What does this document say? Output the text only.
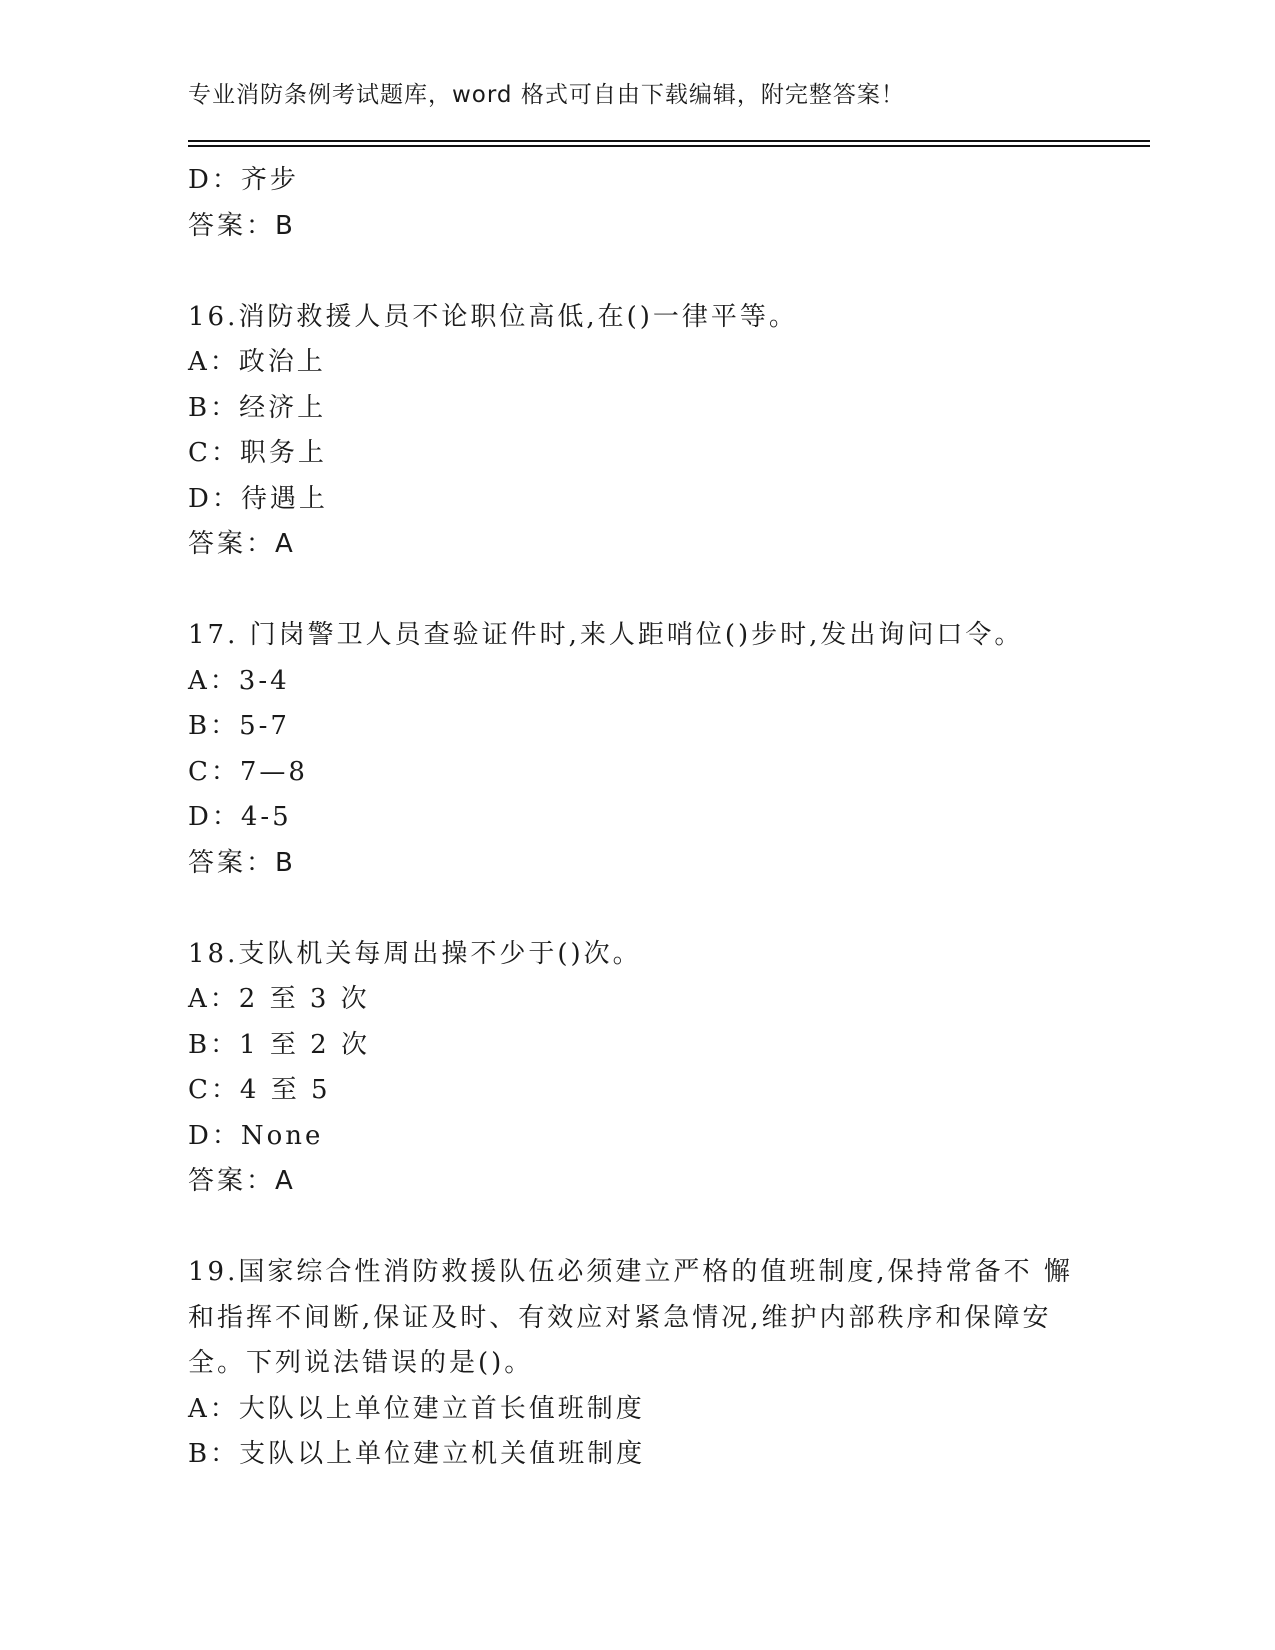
专业消防条例考试题库，word 格式可自由下载编辑，附完整答案！
D：齐步
答案：B
16.消防救援人员不论职位高低,在()一律平等。
A：政治上
B：经济上
C：职务上
D：待遇上
答案：A
17. 门岗警卫人员查验证件时,来人距哨位()步时,发出询问口令。
A：3-4
B：5-7
C：7—8
D：4-5
答案：B
18.支队机关每周出操不少于()次。
A：2 至 3 次
B：1 至 2 次
C：4 至 5
D：None
答案：A
19.国家综合性消防救援队伍必须建立严格的值班制度,保持常备不 懈
和指挥不间断,保证及时、有效应对紧急情况,维护内部秩序和保障安
全。下列说法错误的是()。
A：大队以上单位建立首长值班制度
B：支队以上单位建立机关值班制度
